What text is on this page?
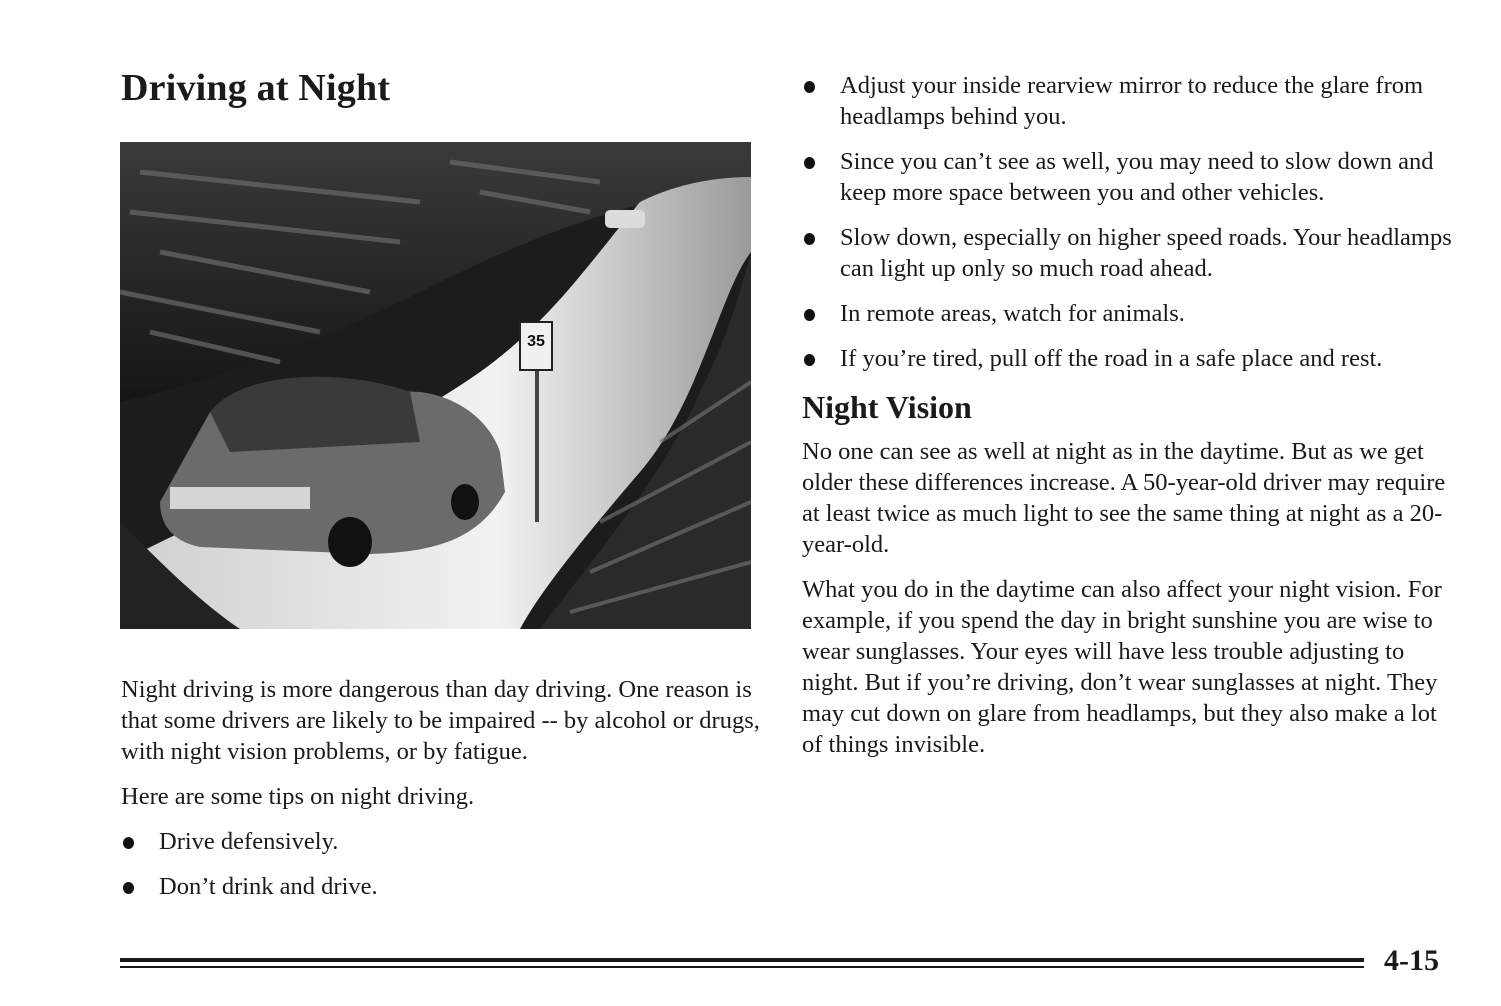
Driving at Night
35

Night driving is more dangerous than day driving. One reason is that some drivers are likely to be impaired -- by alcohol or drugs, with night vision problems, or by fatigue.

Here are some tips on night driving.

Drive defensively.
Don’t drink and drive.
Adjust your inside rearview mirror to reduce the glare from headlamps behind you.
Since you can’t see as well, you may need to slow down and keep more space between you and other vehicles.
Slow down, especially on higher speed roads. Your headlamps can light up only so much road ahead.
In remote areas, watch for animals.
If you’re tired, pull off the road in a safe place and rest.
Night Vision

No one can see as well at night as in the daytime. But as we get older these differences increase. A 50-year-old driver may require at least twice as much light to see the same thing at night as a 20-year-old.

What you do in the daytime can also affect your night vision. For example, if you spend the day in bright sunshine you are wise to wear sunglasses. Your eyes will have less trouble adjusting to night. But if you’re driving, don’t wear sunglasses at night. They may cut down on glare from headlamps, but they also make a lot of things invisible.

4-15
